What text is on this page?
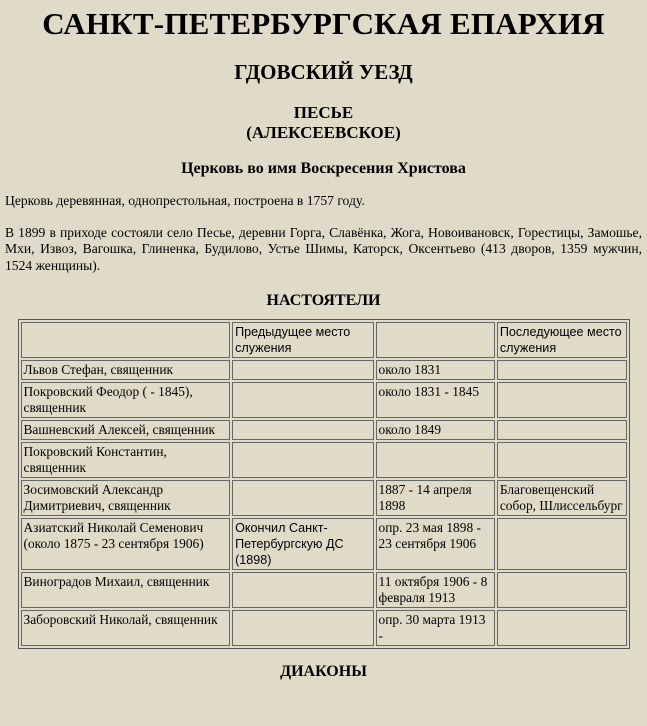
САНКТ-ПЕТЕРБУРГСКАЯ ЕПАРХИЯ
ГДОВСКИЙ УЕЗД
ПЕСЬЕ
(АЛЕКСЕЕВСКОЕ)
Церковь во имя Воскресения Христова

Церковь деревянная, однопрестольная, построена в 1757 году.

В 1899 в приходе состояли село Песье, деревни Горга, Славёнка, Жога, Новоивановск, Горестицы, Замошье, Мхи, Извоз, Вагошка, Глиненка, Будилово, Устье Шимы, Каторск, Оксентьево (413 дворов, 1359 мужчин, 1524 женщины).

НАСТОЯТЕЛИ
	Предыдущее место служения		Последующее место служения
Львов Стефан, священник		около 1831	
Покровский Феодор ( - 1845), священник		около 1831 - 1845	
Вашневский Алексей, священник		около 1849	
Покровский Константин, священник			
Зосимовский Александр Димитриевич, священник		1887 - 14 апреля 1898	Благовещенский собор, Шлиссельбург
Азиатский Николай Семенович (около 1875 - 23 сентября 1906)	Окончил Санкт-Петербургскую ДС (1898)	опр. 23 мая 1898 - 23 сентября 1906	
Виноградов Михаил, священник		11 октября 1906 - 8 февраля 1913	
Заборовский Николай, священник		опр. 30 марта 1913 -	
ДИАКОНЫ
